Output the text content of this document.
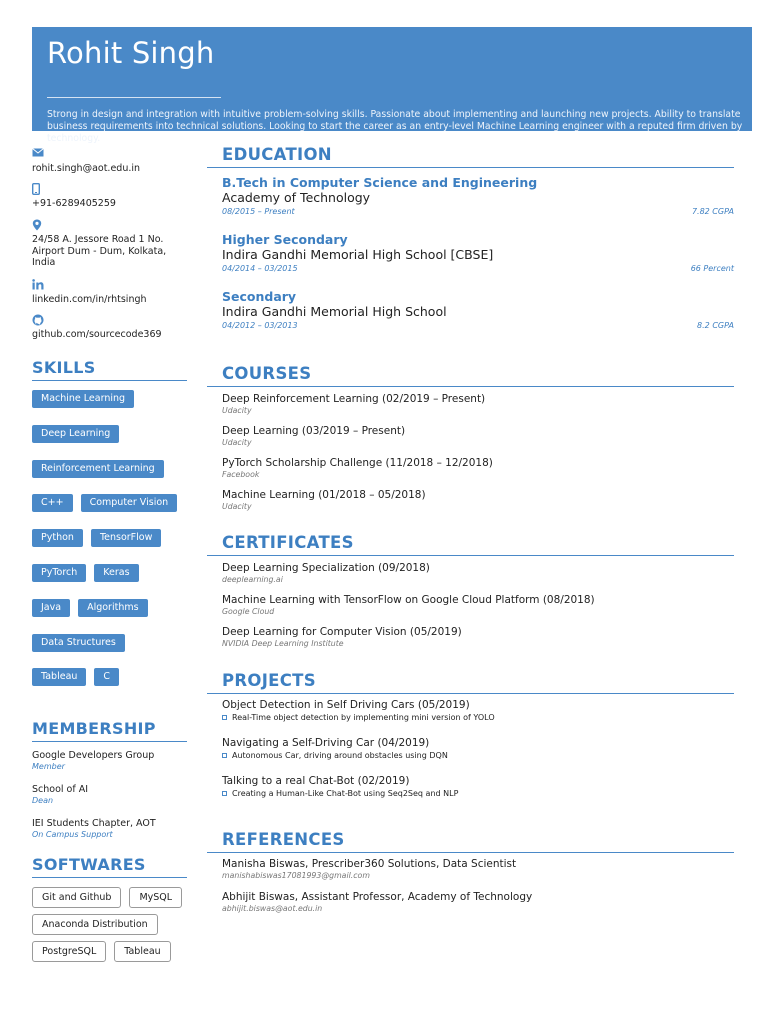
Rohit Singh
Strong in design and integration with intuitive problem-solving skills. Passionate about implementing and launching new projects. Ability to translate business requirements into technical solutions. Looking to start the career as an entry-level Machine Learning engineer with a reputed firm driven by technology.
rohit.singh@aot.edu.in
+91-6289405259
24/58 A. Jessore Road 1 No. Airport Dum - Dum, Kolkata, India
linkedin.com/in/rhtsingh
github.com/sourcecode369
SKILLS
Machine Learning
Deep Learning
Reinforcement Learning
C++	Computer Vision
Python	TensorFlow
PyTorch	Keras
Java	Algorithms
Data Structures
Tableau	C
MEMBERSHIP
Google Developers Group
Member
School of AI
Dean
IEI Students Chapter, AOT
On Campus Support
SOFTWARES
Git and Github	MySQL
Anaconda Distribution
PostgreSQL	Tableau
EDUCATION
B.Tech in Computer Science and Engineering
Academy of Technology
08/2015 – Present	7.82 CGPA
Higher Secondary
Indira Gandhi Memorial High School [CBSE]
04/2014 – 03/2015	66 Percent
Secondary
Indira Gandhi Memorial High School
04/2012 – 03/2013	8.2 CGPA
COURSES
Deep Reinforcement Learning (02/2019 – Present)
Udacity
Deep Learning (03/2019 – Present)
Udacity
PyTorch Scholarship Challenge (11/2018 – 12/2018)
Facebook
Machine Learning (01/2018 – 05/2018)
Udacity
CERTIFICATES
Deep Learning Specialization (09/2018)
deeplearning.ai
Machine Learning with TensorFlow on Google Cloud Platform (08/2018)
Google Cloud
Deep Learning for Computer Vision (05/2019)
NVIDIA Deep Learning Institute
PROJECTS
Object Detection in Self Driving Cars (05/2019)
Real-Time object detection by implementing mini version of YOLO
Navigating a Self-Driving Car (04/2019)
Autonomous Car, driving around obstacles using DQN
Talking to a real Chat-Bot (02/2019)
Creating a Human-Like Chat-Bot using Seq2Seq and NLP
REFERENCES
Manisha Biswas, Prescriber360 Solutions, Data Scientist
manishabiswas17081993@gmail.com
Abhijit Biswas, Assistant Professor, Academy of Technology
abhijit.biswas@aot.edu.in
